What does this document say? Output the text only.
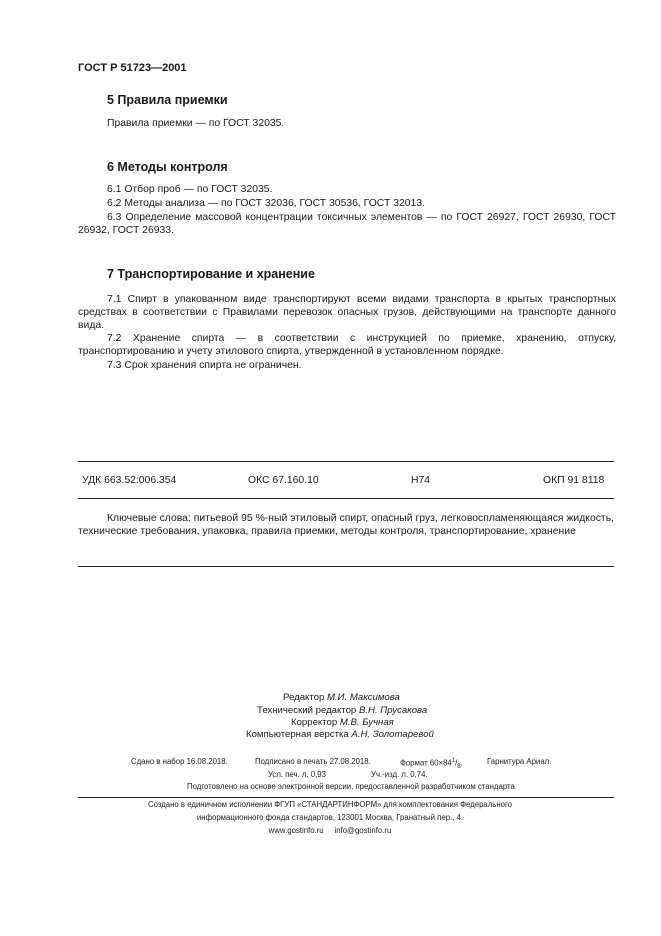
ГОСТ Р 51723—2001
5 Правила приемки
Правила приемки — по ГОСТ 32035.
6 Методы контроля
6.1 Отбор проб — по ГОСТ 32035.
6.2 Методы анализа — по ГОСТ 32036, ГОСТ 30536, ГОСТ 32013.
6.3 Определение массовой концентрации токсичных элементов — по ГОСТ 26927, ГОСТ 26930, ГОСТ 26932, ГОСТ 26933.
7 Транспортирование и хранение
7.1 Спирт в упакованном виде транспортируют всеми видами транспорта в крытых транспортных средствах в соответствии с Правилами перевозок опасных грузов, действующими на транспорте данного вида.
7.2 Хранение спирта — в соответствии с инструкцией по приемке, хранению, отпуску, транспортированию и учету этилового спирта, утвержденной в установленном порядке.
7.3 Срок хранения спирта не ограничен.
УДК 663.52:006.354	ОКС 67.160.10	Н74	ОКП 91 8118
Ключевые слова: питьевой 95 %-ный этиловый спирт, опасный груз, легковоспламеняющаяся жидкость, технические требования, упаковка, правила приемки, методы контроля, транспортирование, хранение
Редактор М.И. Максимова
Технический редактор В.Н. Прусакова
Корректор М.В. Бучная
Компьютерная верстка А.Н. Золотаревой
Сдано в набор 16.08.2018.	Подписано в печать 27.08.2018.	Формат $60\times 84^1/_8$.	Гарнитура Ариал.
Усл. печ. л. 0,93	Уч.-изд. л. 0,74.
Подготовлено на основе электронной версии, предоставленной разработчиком стандарта
Создано в единичном исполнении ФГУП «СТАНДАРТИНФОРМ» для комплектования Федерального
информационного фонда стандартов, 123001 Москва, Гранатный пер., 4.
www.gostinfo.ru     info@gostinfo.ru
